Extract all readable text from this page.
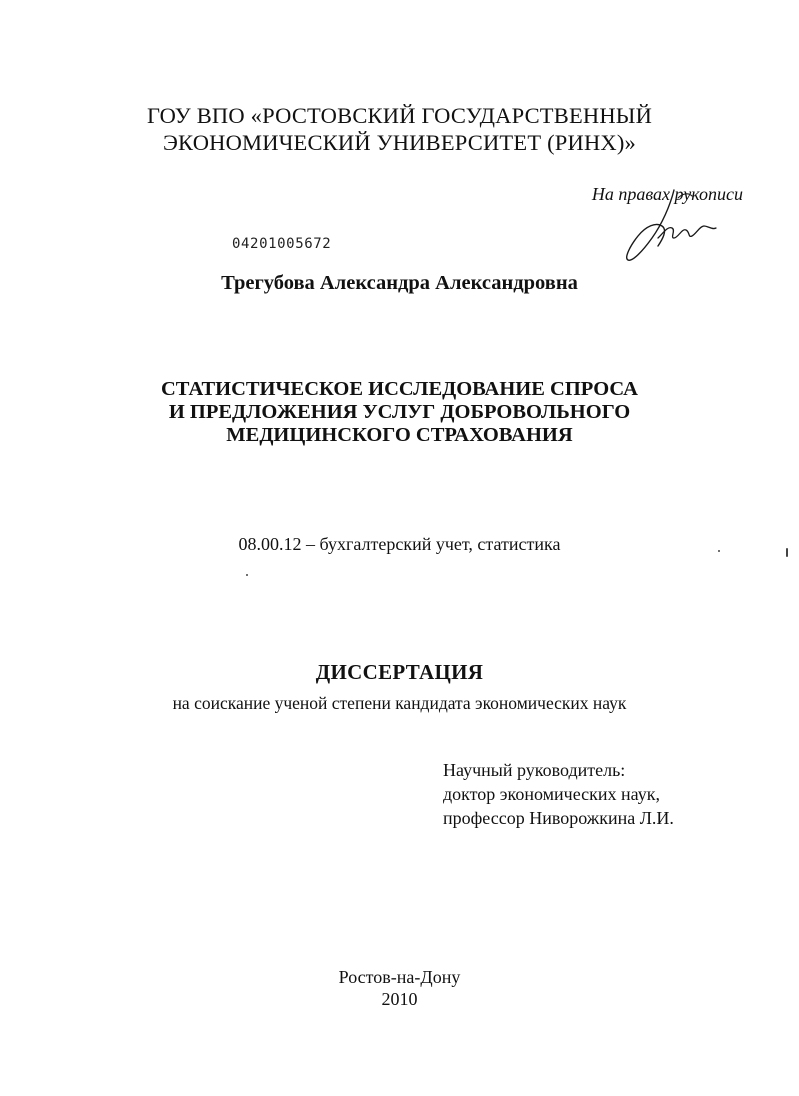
ГОУ ВПО «РОСТОВСКИЙ ГОСУДАРСТВЕННЫЙ
ЭКОНОМИЧЕСКИЙ УНИВЕРСИТЕТ (РИНХ)»
На правах рукописи
04201005672
Трегубова Александра Александровна
СТАТИСТИЧЕСКОЕ ИССЛЕДОВАНИЕ СПРОСА
И ПРЕДЛОЖЕНИЯ УСЛУГ ДОБРОВОЛЬНОГО
МЕДИЦИНСКОГО СТРАХОВАНИЯ
08.00.12 – бухгалтерский учет, статистика
ДИССЕРТАЦИЯ
на соискание ученой степени кандидата экономических наук
Научный руководитель:
доктор экономических наук,
профессор Ниворожкина Л.И.
Ростов-на-Дону
2010
